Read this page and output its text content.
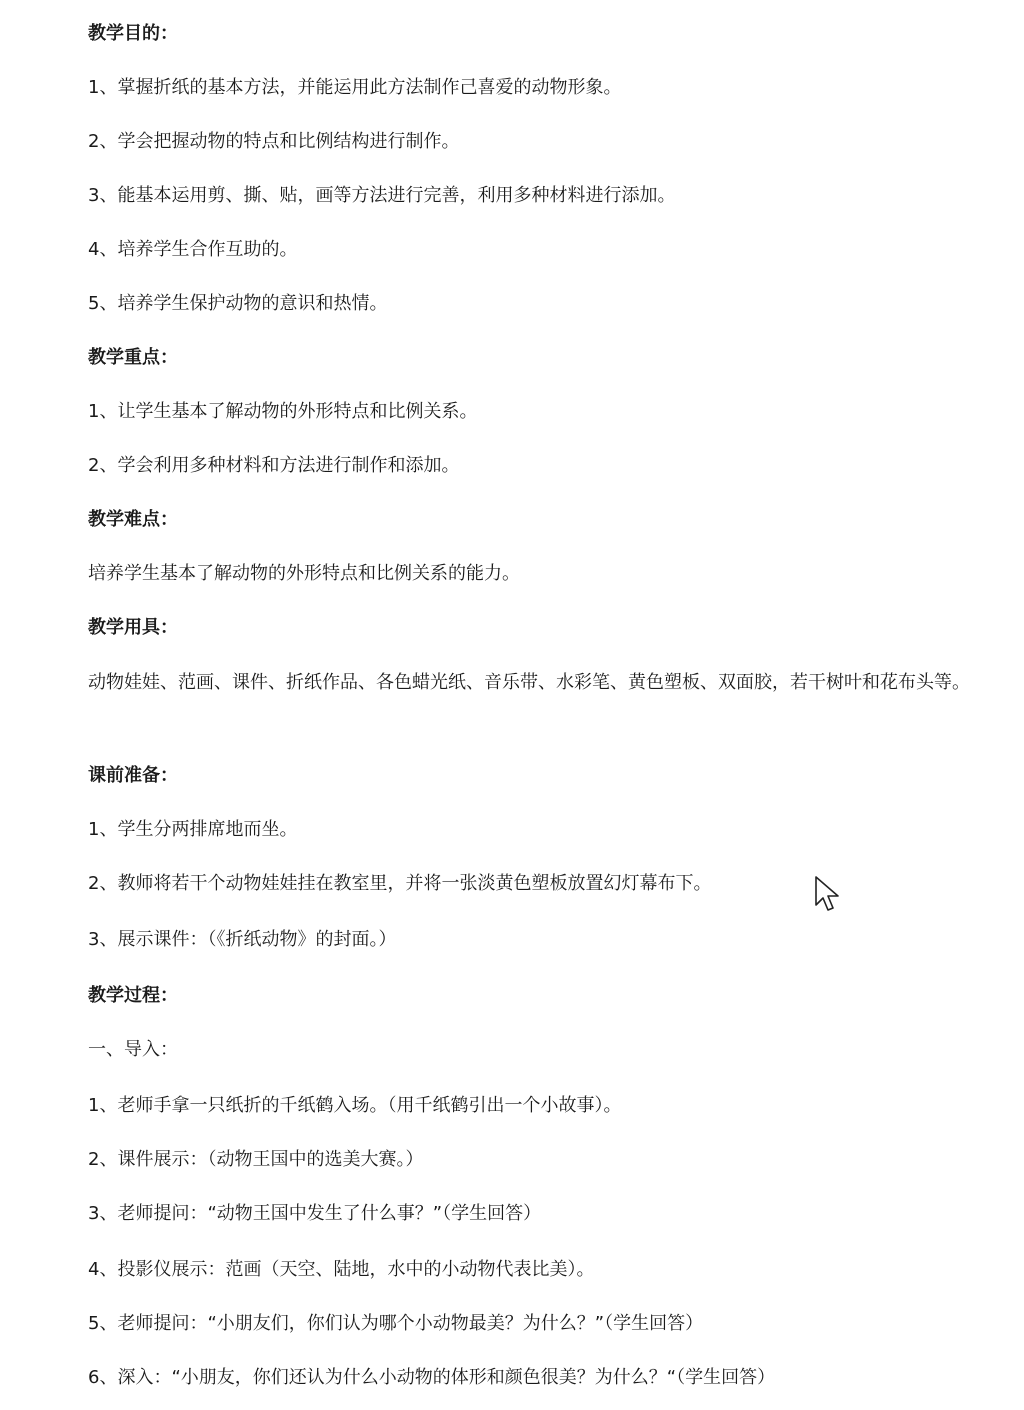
教学目的：
1、掌握折纸的基本方法，并能运用此方法制作己喜爱的动物形象。
2、学会把握动物的特点和比例结构进行制作。
3、能基本运用剪、撕、贴，画等方法进行完善，利用多种材料进行添加。
4、培养学生合作互助的。
5、培养学生保护动物的意识和热情。
教学重点：
1、让学生基本了解动物的外形特点和比例关系。
2、学会利用多种材料和方法进行制作和添加。
教学难点：
培养学生基本了解动物的外形特点和比例关系的能力。
教学用具：
动物娃娃、范画、课件、折纸作品、各色蜡光纸、音乐带、水彩笔、黄色塑板、双面胶，若干树叶和花布头等。
课前准备：
1、学生分两排席地而坐。
2、教师将若干个动物娃娃挂在教室里，并将一张淡黄色塑板放置幻灯幕布下。
3、展示课件：（《折纸动物》的封面。）
教学过程：
一、导入：
1、老师手拿一只纸折的千纸鹤入场。（用千纸鹤引出一个小故事）。
2、课件展示：（动物王国中的选美大赛。）
3、老师提问：“动物王国中发生了什么事？”（学生回答）
4、投影仪展示：范画（天空、陆地，水中的小动物代表比美）。
5、老师提问：“小朋友们，你们认为哪个小动物最美？为什么？”（学生回答）
6、深入：“小朋友，你们还认为什么小动物的体形和颜色很美？为什么？“（学生回答）
